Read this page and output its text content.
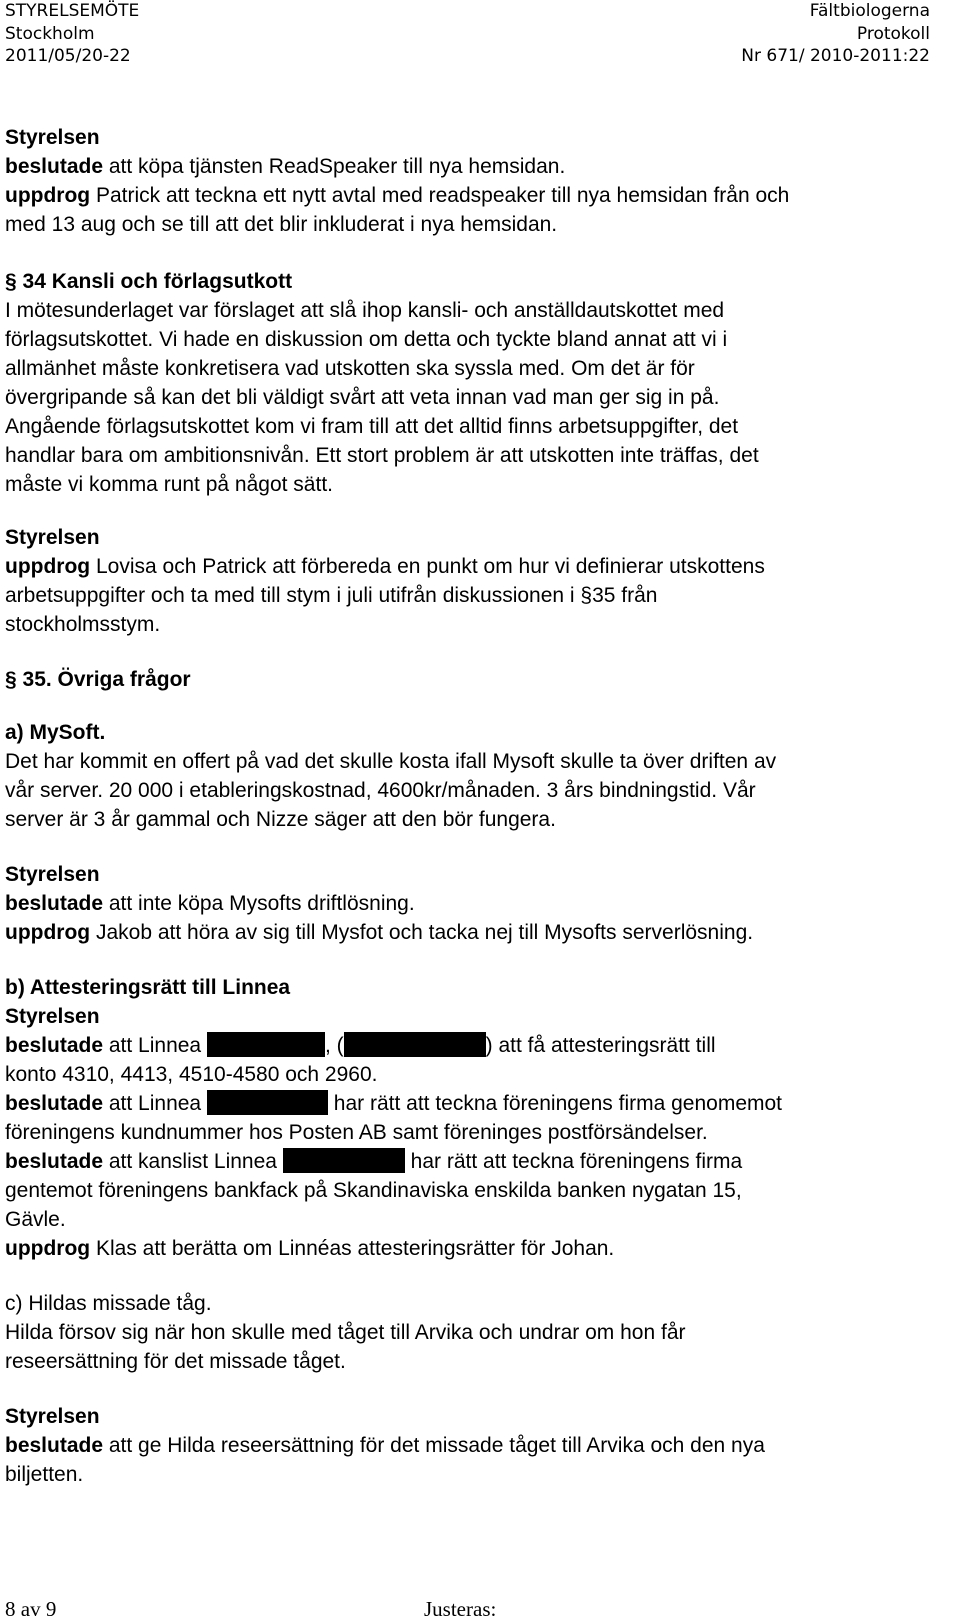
STYRELSEMÖTE	Fältbiologerna
Stockholm	Protokoll
2011/05/20-22	Nr 671/ 2010-2011:22
Styrelsen
beslutade att köpa tjänsten ReadSpeaker till nya hemsidan.
uppdrog Patrick att teckna ett nytt avtal med readspeaker till nya hemsidan från och
med 13 aug och se till att det blir inkluderat i nya hemsidan.
§ 34 Kansli och förlagsutkott
I mötesunderlaget var förslaget att slå ihop kansli- och anställdautskottet med
förlagsutskottet. Vi hade en diskussion om detta och tyckte bland annat att vi i
allmänhet måste konkretisera vad utskotten ska syssla med. Om det är för
övergripande så kan det bli väldigt svårt att veta innan vad man ger sig in på.
Angående förlagsutskottet kom vi fram till att det alltid finns arbetsuppgifter, det
handlar bara om ambitionsnivån. Ett stort problem är att utskotten inte träffas, det
måste vi komma runt på något sätt.
Styrelsen
uppdrog Lovisa och Patrick att förbereda en punkt om hur vi definierar utskottens
arbetsuppgifter och ta med till stym i juli utifrån diskussionen i §35 från
stockholmsstym.
§ 35. Övriga frågor
a) MySoft.
Det har kommit en offert på vad det skulle kosta ifall Mysoft skulle ta över driften av
vår server. 20 000 i etableringskostnad, 4600kr/månaden. 3 års bindningstid. Vår
server är 3 år gammal och Nizze säger att den bör fungera.
Styrelsen
beslutade att inte köpa Mysofts driftlösning.
uppdrog Jakob att höra av sig till Mysfot och tacka nej till Mysofts serverlösning.
b) Attesteringsrätt till Linnea
Styrelsen
beslutade att Linnea	, (	) att få attesteringsrätt till
konto 4310, 4413, 4510-4580 och 2960.
beslutade att Linnea	har rätt att teckna föreningens firma genomemot
föreningens kundnummer hos Posten AB samt föreninges postförsändelser.
beslutade att kanslist Linnea	har rätt att teckna föreningens firma
gentemot föreningens bankfack på Skandinaviska enskilda banken nygatan 15,
Gävle.
uppdrog Klas att berätta om Linnéas attesteringsrätter för Johan.
c) Hildas missade tåg.
Hilda försov sig när hon skulle med tåget till Arvika och undrar om hon får
reseersättning för det missade tåget.
Styrelsen
beslutade att ge Hilda reseersättning för det missade tåget till Arvika och den nya
biljetten.
8 av 9	Justeras:
